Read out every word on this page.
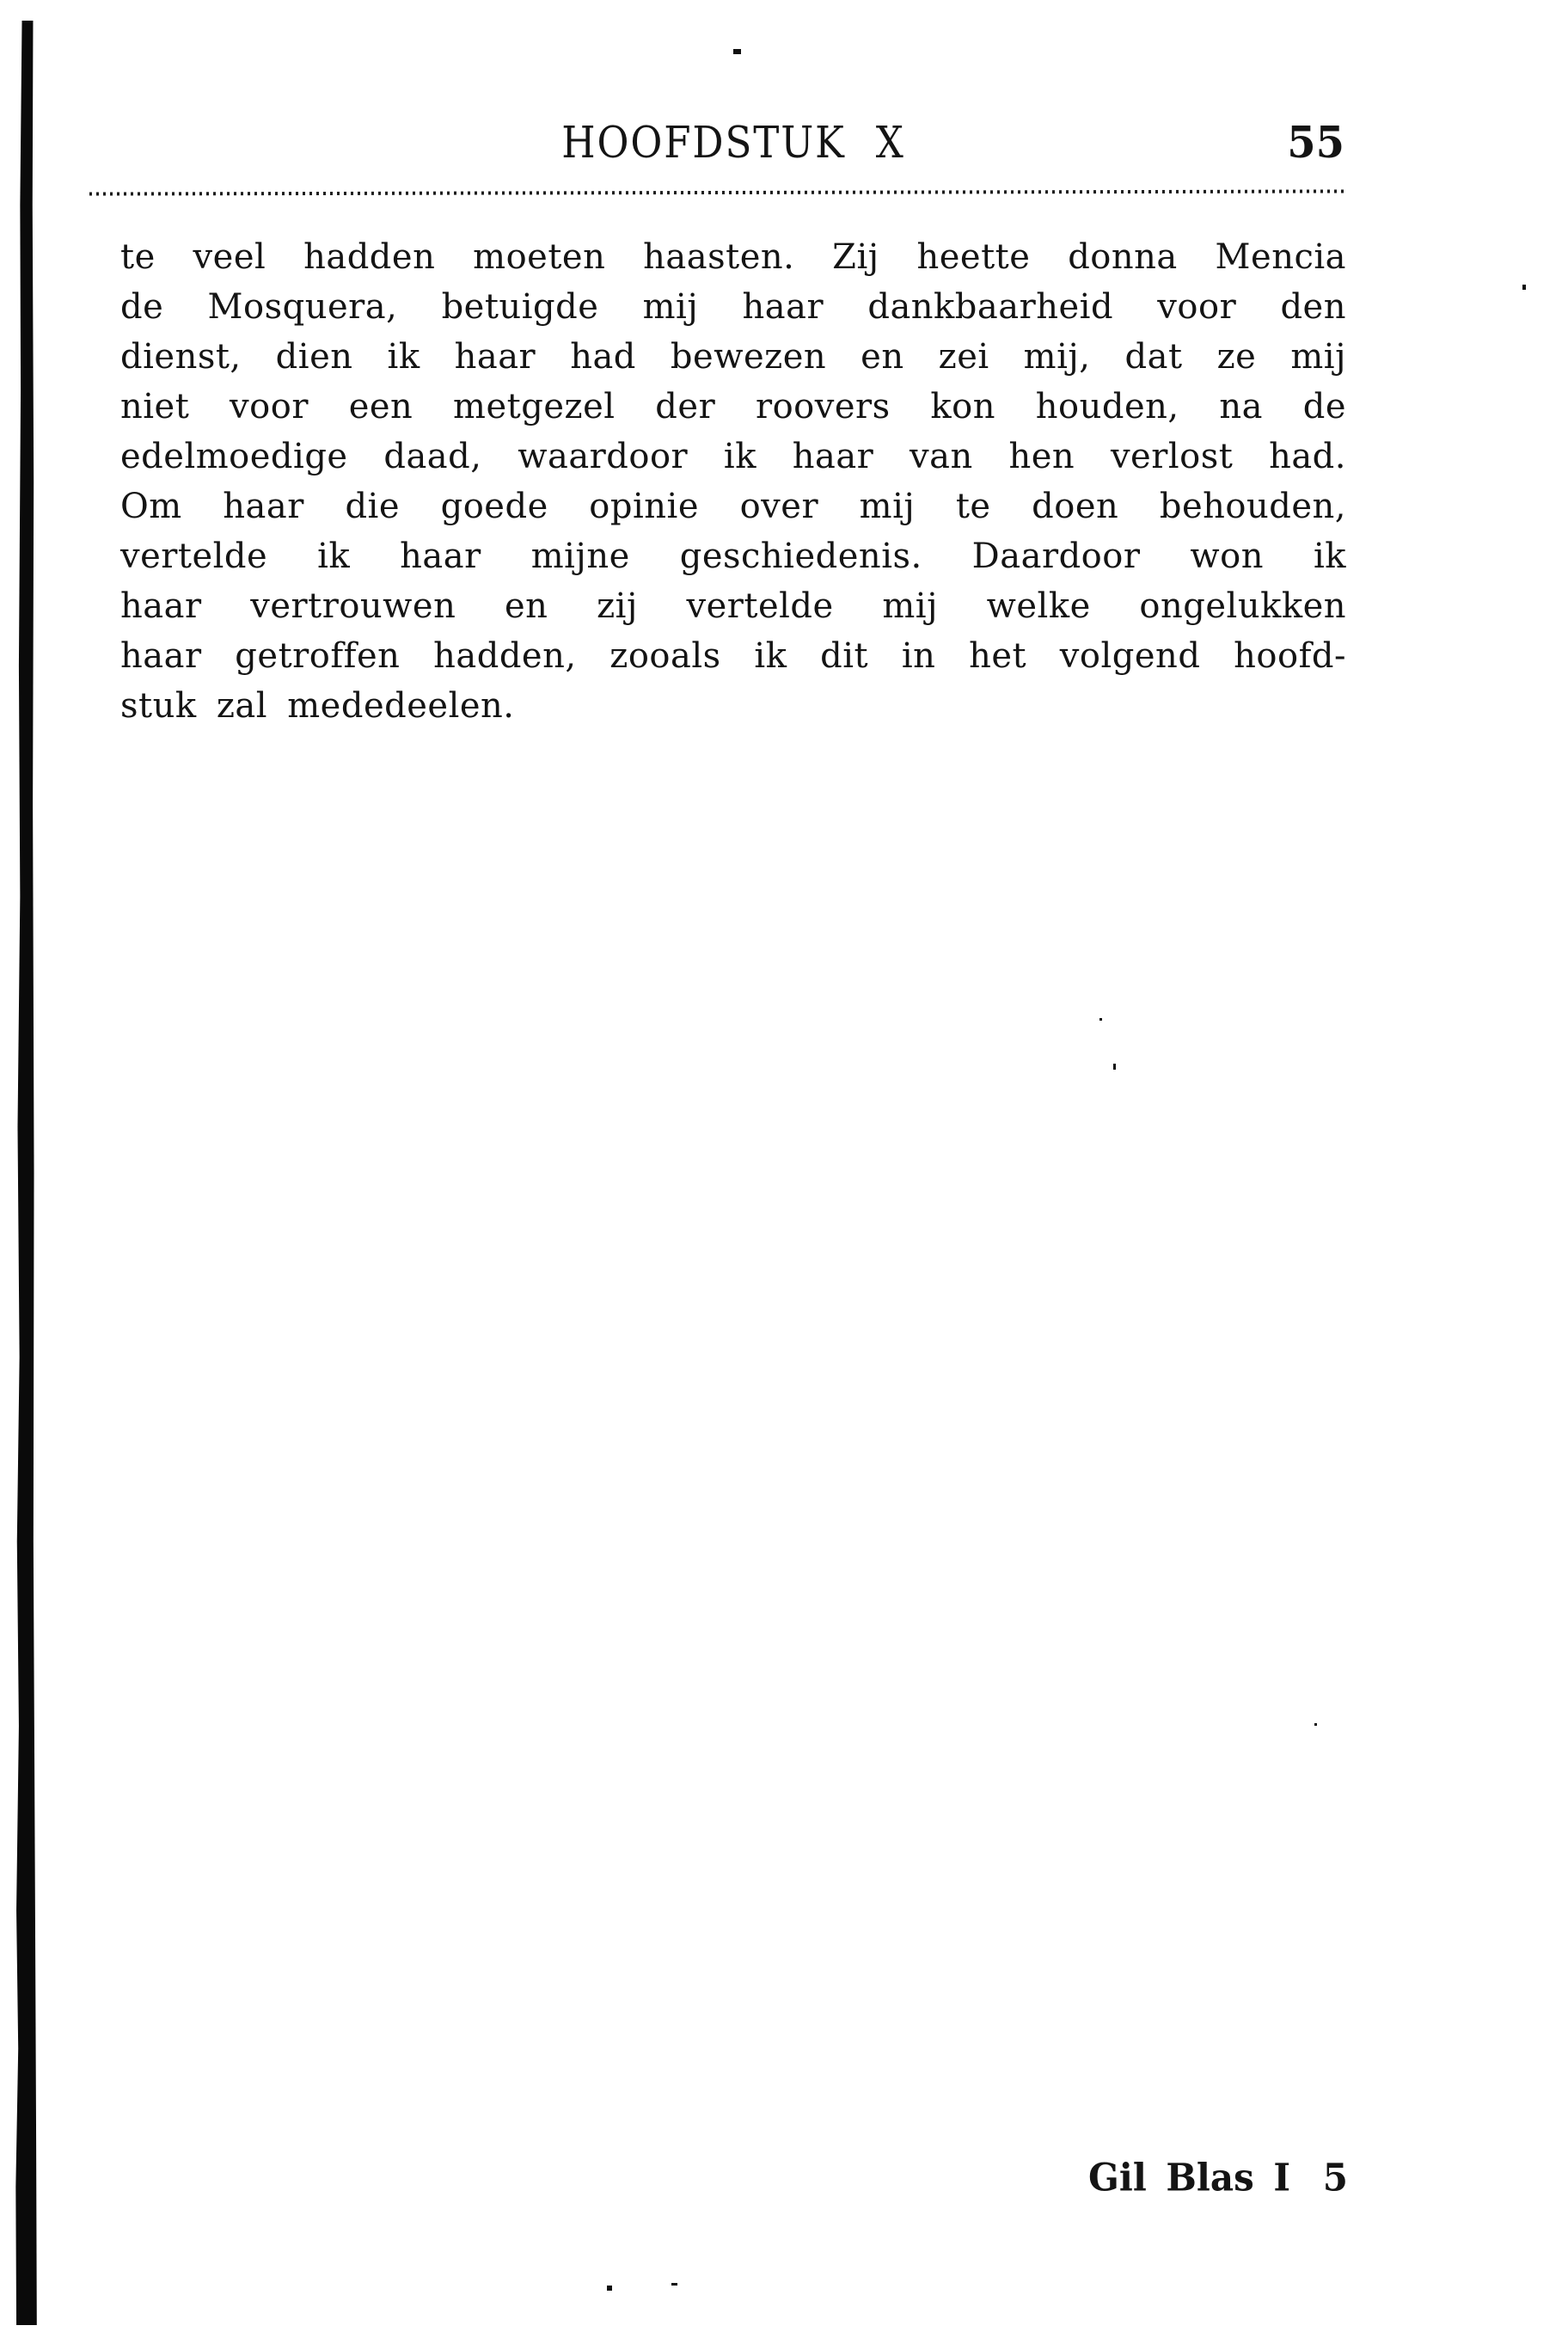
HOOFDSTUK X	55
te veel hadden moeten haasten. Zij heette donna Mencia
de Mosquera, betuigde mij haar dankbaarheid voor den
dienst, dien ik haar had bewezen en zei mij, dat ze mij
niet voor een metgezel der roovers kon houden, na de
edelmoedige daad, waardoor ik haar van hen verlost had.
Om haar die goede opinie over mij te doen behouden,
vertelde ik haar mijne geschiedenis. Daardoor won ik
haar vertrouwen en zij vertelde mij welke ongelukken
haar getroffen hadden, zooals ik dit in het volgend hoofd-
stuk zal mededeelen.
Gil Blas I 5
